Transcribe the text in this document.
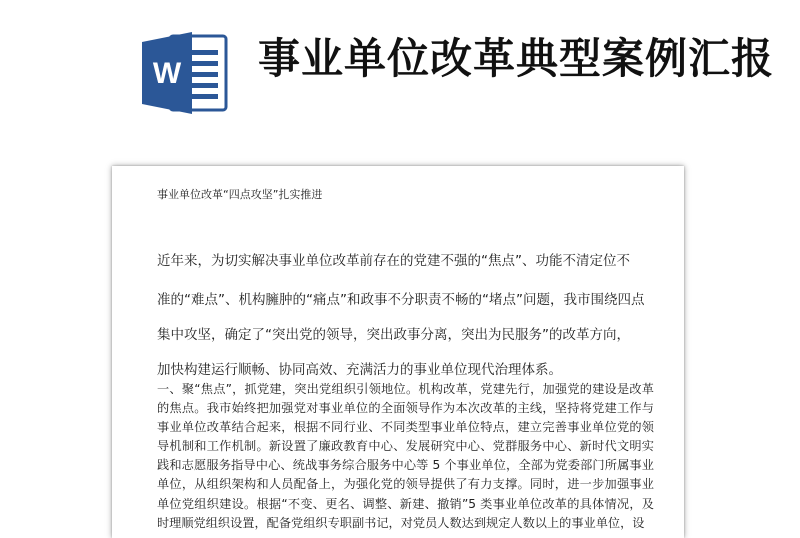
W 事业单位改革典型案例汇报

事业单位改革“四点攻坚”扎实推进

近年来，为切实解决事业单位改革前存在的党建不强的“焦点”、功能不清定位不

准的“难点”、机构臃肿的“痛点”和政事不分职责不畅的“堵点”问题，我市围绕四点

集中攻坚，确定了“突出党的领导，突出政事分离，突出为民服务”的改革方向，

加快构建运行顺畅、协同高效、充满活力的事业单位现代治理体系。

一、聚“焦点”，抓党建，突出党组织引领地位。机构改革，党建先行，加强党的建设是改革的焦点。我市始终把加强党对事业单位的全面领导作为本次改革的主线，坚持将党建工作与事业单位改革结合起来，根据不同行业、不同类型事业单位特点，建立完善事业单位党的领导机制和工作机制。新设置了廉政教育中心、发展研究中心、党群服务中心、新时代文明实践和志愿服务指导中心、统战事务综合服务中心等 5 个事业单位，全部为党委部门所属事业单位，从组织架构和人员配备上，为强化党的领导提供了有力支撑。同时，进一步加强事业单位党组织建设。根据“不变、更名、调整、新建、撤销”5 类事业单位改革的具体情况，及时理顺党组织设置，配备党组织专职副书记，对党员人数达到规定人数以上的事业单位，设
